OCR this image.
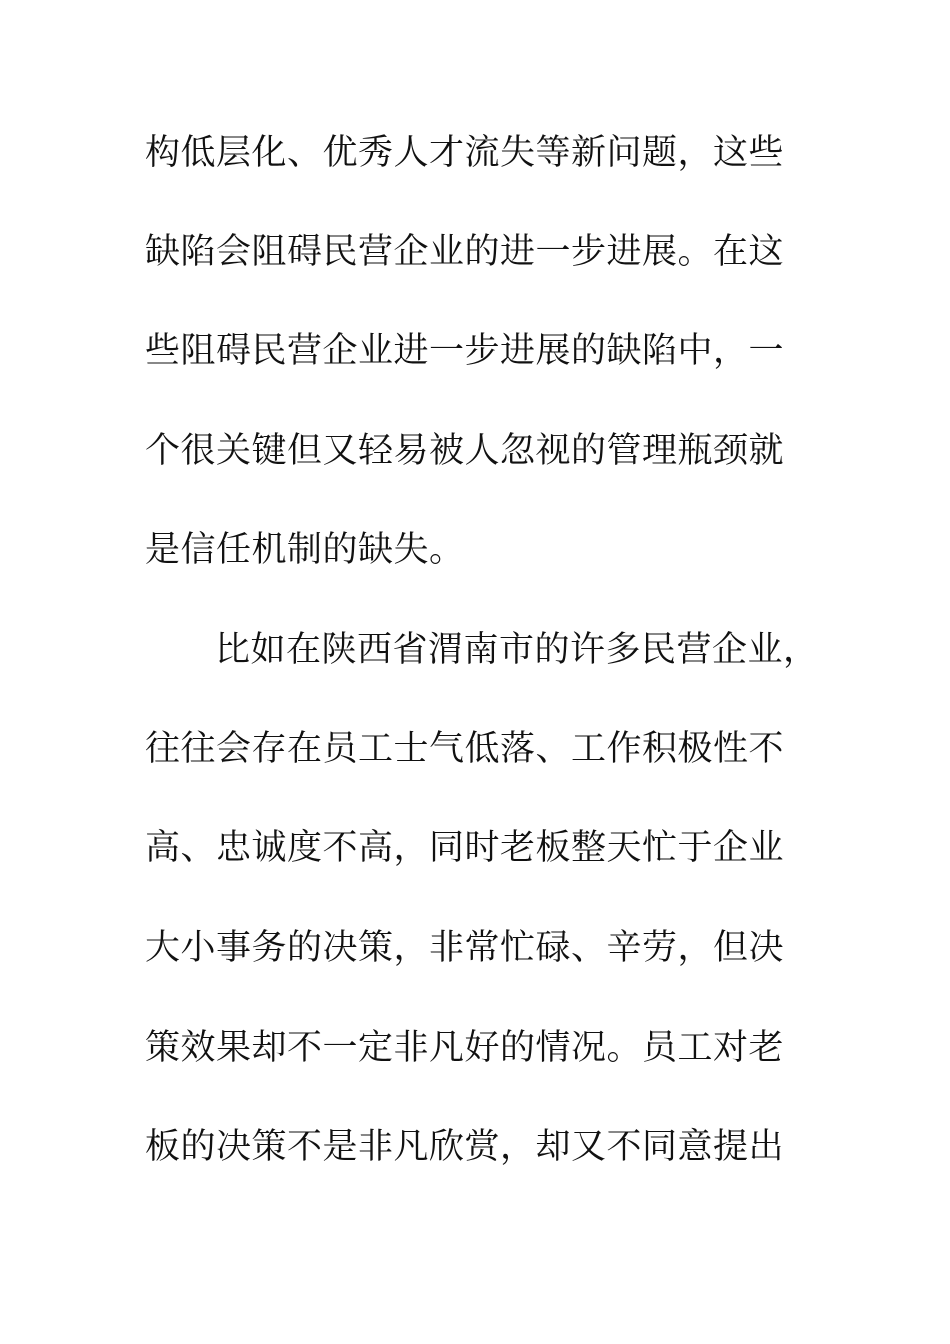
构低层化、优秀人才流失等新问题，这些
缺陷会阻碍民营企业的进一步进展。在这
些阻碍民营企业进一步进展的缺陷中，一
个很关键但又轻易被人忽视的管理瓶颈就
是信任机制的缺失。
比如在陕西省渭南市的许多民营企业，
往往会存在员工士气低落、工作积极性不
高、忠诚度不高，同时老板整天忙于企业
大小事务的决策，非常忙碌、辛劳，但决
策效果却不一定非凡好的情况。员工对老
板的决策不是非凡欣赏，却又不同意提出
